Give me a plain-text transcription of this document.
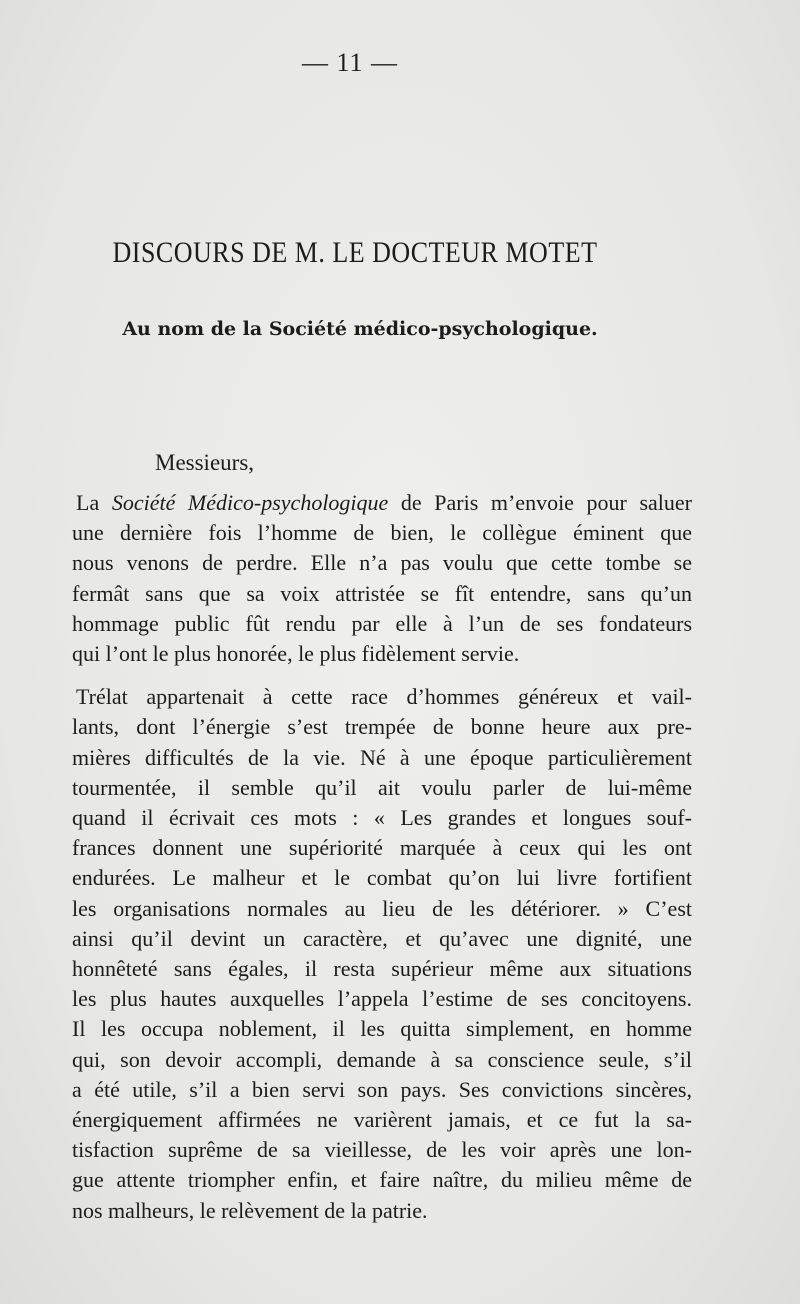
— 11 —
DISCOURS DE M. LE DOCTEUR MOTET
Au nom de la Société médico-psychologique.
Messieurs,

La Société Médico-psychologique de Paris m’envoie pour saluer
une dernière fois l’homme de bien, le collègue éminent que
nous venons de perdre. Elle n’a pas voulu que cette tombe se
fermât sans que sa voix attristée se fît entendre, sans qu’un
hommage public fût rendu par elle à l’un de ses fondateurs
qui l’ont le plus honorée, le plus fidèlement servie.

Trélat appartenait à cette race d’hommes généreux et vail-
lants, dont l’énergie s’est trempée de bonne heure aux pre-
mières difficultés de la vie. Né à une époque particulièrement
tourmentée, il semble qu’il ait voulu parler de lui-même
quand il écrivait ces mots : « Les grandes et longues souf-
frances donnent une supériorité marquée à ceux qui les ont
endurées. Le malheur et le combat qu’on lui livre fortifient
les organisations normales au lieu de les détériorer. » C’est
ainsi qu’il devint un caractère, et qu’avec une dignité, une
honnêteté sans égales, il resta supérieur même aux situations
les plus hautes auxquelles l’appela l’estime de ses concitoyens.
Il les occupa noblement, il les quitta simplement, en homme
qui, son devoir accompli, demande à sa conscience seule, s’il
a été utile, s’il a bien servi son pays. Ses convictions sincères,
énergiquement affirmées ne varièrent jamais, et ce fut la sa-
tisfaction suprême de sa vieillesse, de les voir après une lon-
gue attente triompher enfin, et faire naître, du milieu même de
nos malheurs, le relèvement de la patrie.
